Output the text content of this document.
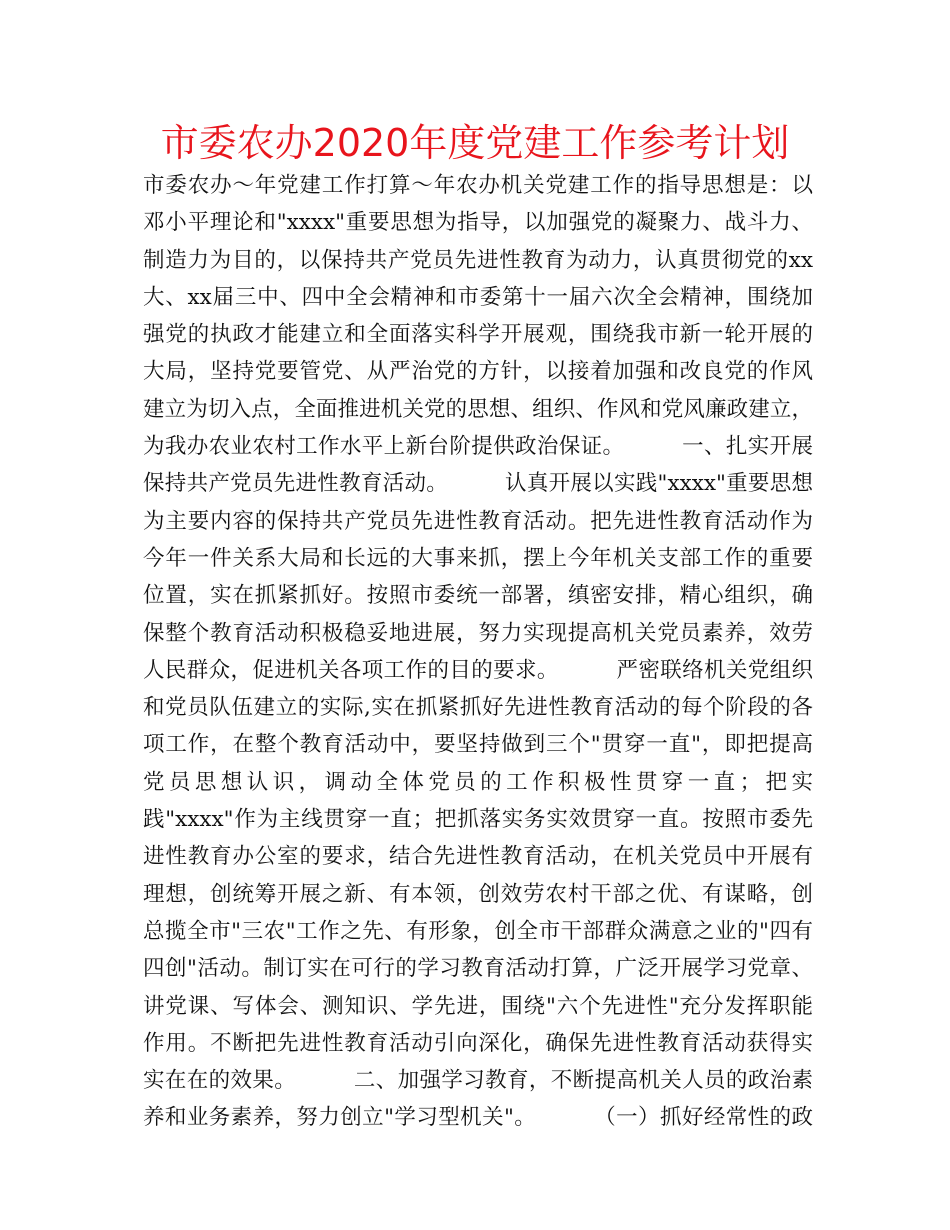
市委农办2020年度党建工作参考计划
市委农办～年党建工作打算～年农办机关党建工作的指导思想是：以
邓小平理论和"xxxx"重要思想为指导，以加强党的凝聚力、战斗力、
制造力为目的，以保持共产党员先进性教育为动力，认真贯彻党的xx
大、xx届三中、四中全会精神和市委第十一届六次全会精神，围绕加
强党的执政才能建立和全面落实科学开展观，围绕我市新一轮开展的
大局，坚持党要管党、从严治党的方针，以接着加强和改良党的作风
建立为切入点，全面推进机关党的思想、组织、作风和党风廉政建立，
为我办农业农村工作水平上新台阶提供政治保证。        一、扎实开展
保持共产党员先进性教育活动。        认真开展以实践"xxxx"重要思想
为主要内容的保持共产党员先进性教育活动。把先进性教育活动作为
今年一件关系大局和长远的大事来抓，摆上今年机关支部工作的重要
位置，实在抓紧抓好。按照市委统一部署，缜密安排，精心组织，确
保整个教育活动积极稳妥地进展，努力实现提高机关党员素养，效劳
人民群众，促进机关各项工作的目的要求。        严密联络机关党组织
和党员队伍建立的实际,实在抓紧抓好先进性教育活动的每个阶段的各
项工作，在整个教育活动中，要坚持做到三个"贯穿一直"，即把提高
党员思想认识，调动全体党员的工作积极性贯穿一直；把实
践"xxxx"作为主线贯穿一直；把抓落实务实效贯穿一直。按照市委先
进性教育办公室的要求，结合先进性教育活动，在机关党员中开展有
理想，创统筹开展之新、有本领，创效劳农村干部之优、有谋略，创
总揽全市"三农"工作之先、有形象，创全市干部群众满意之业的"四有
四创"活动。制订实在可行的学习教育活动打算，广泛开展学习党章、
讲党课、写体会、测知识、学先进，围绕"六个先进性"充分发挥职能
作用。不断把先进性教育活动引向深化，确保先进性教育活动获得实
实在在的效果。        二、加强学习教育，不断提高机关人员的政治素
养和业务素养，努力创立"学习型机关"。        （一）抓好经常性的政
